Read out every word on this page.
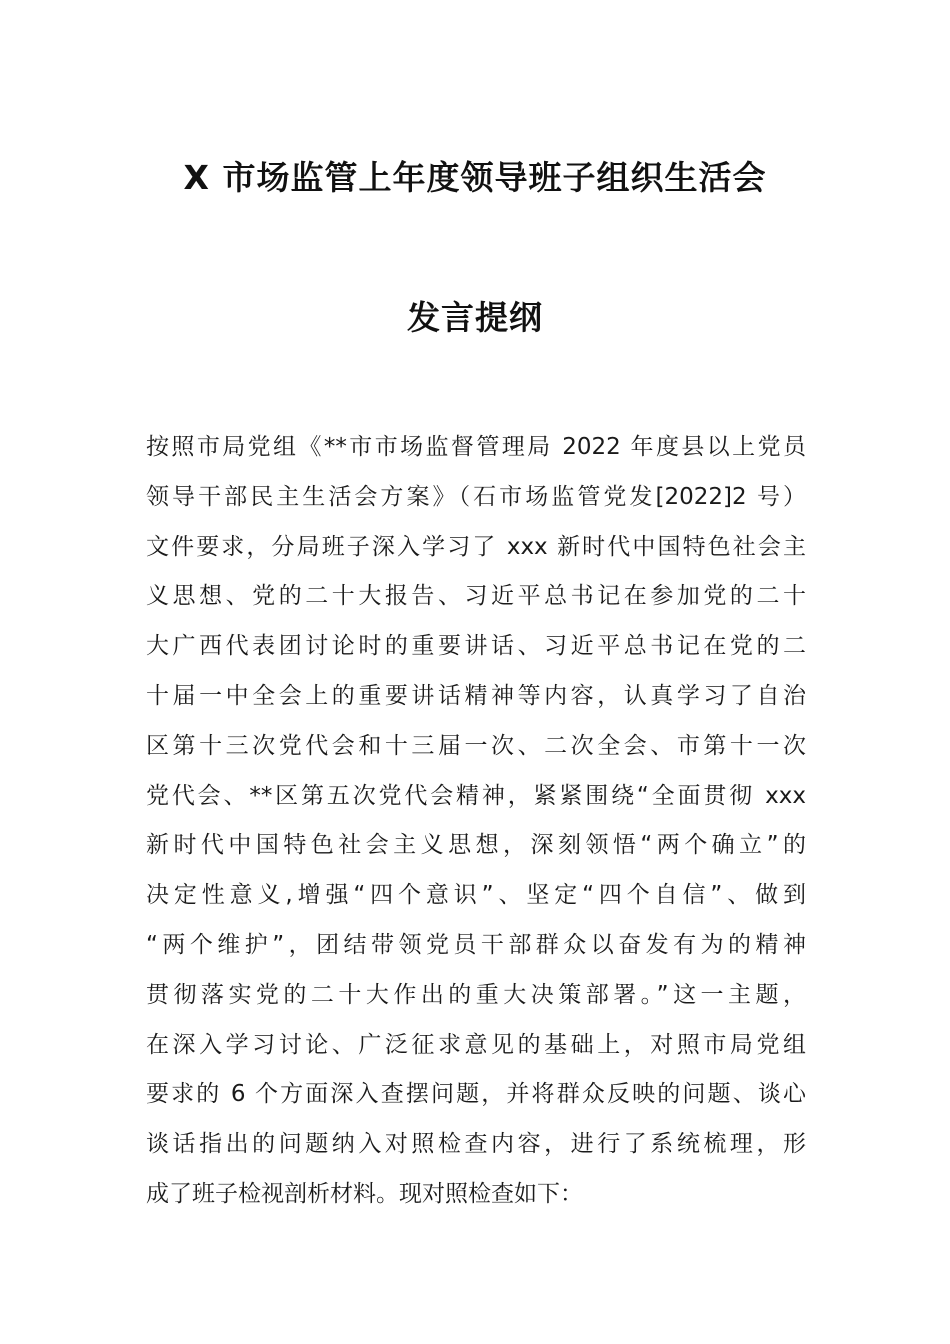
X 市场监管上年度领导班子组织生活会
发言提纲
按照市局党组《**市市场监督管理局 2022 年度县以上党员
领导干部民主生活会方案》（石市场监管党发[2022]2 号）
文件要求，分局班子深入学习了 xxx 新时代中国特色社会主
义思想、党的二十大报告、习近平总书记在参加党的二十
大广西代表团讨论时的重要讲话、习近平总书记在党的二
十届一中全会上的重要讲话精神等内容，认真学习了自治
区第十三次党代会和十三届一次、二次全会、市第十一次
党代会、**区第五次党代会精神，紧紧围绕“全面贯彻 xxx
新时代中国特色社会主义思想，深刻领悟“两个确立”的
决定性意义,增强“四个意识”、坚定“四个自信”、做到
“两个维护”，团结带领党员干部群众以奋发有为的精神
贯彻落实党的二十大作出的重大决策部署。”这一主题，
在深入学习讨论、广泛征求意见的基础上，对照市局党组
要求的 6 个方面深入查摆问题，并将群众反映的问题、谈心
谈话指出的问题纳入对照检查内容，进行了系统梳理，形
成了班子检视剖析材料。现对照检查如下：
